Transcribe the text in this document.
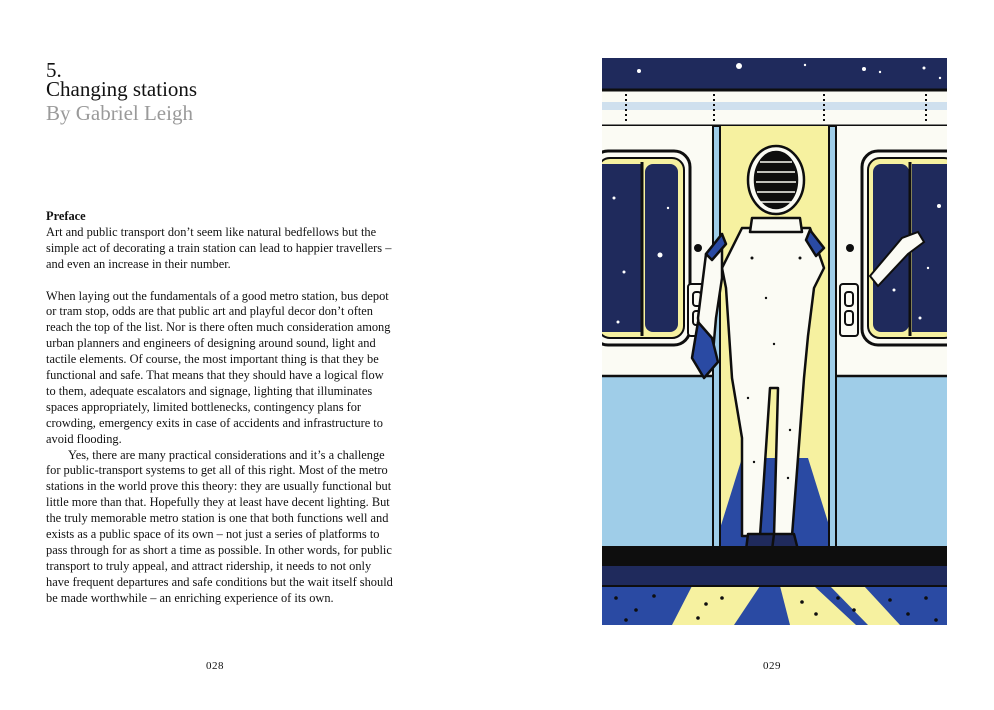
5.
Changing stations
By Gabriel Leigh
Preface

Art and public transport don’t seem like natural bedfellows but the simple act of decorating a train station can lead to happier travellers – and even an increase in their number.

When laying out the fundamentals of a good metro station, bus depot or tram stop, odds are that public art and playful decor don’t often reach the top of the list. Nor is there often much consideration among urban planners and engineers of designing around sound, light and tactile elements. Of course, the most important thing is that they be functional and safe. That means that they should have a logical flow to them, adequate escalators and signage, lighting that illuminates spaces appropriately, limited bottlenecks, contingency plans for crowding, emergency exits in case of accidents and infrastructure to avoid flooding.

Yes, there are many practical considerations and it’s a challenge for public-transport systems to get all of this right. Most of the metro stations in the world prove this theory: they are usually functional but little more than that. Hopefully they at least have decent lighting. But the truly memorable metro station is one that both functions well and exists as a public space of its own – not just a series of platforms to pass through for as short a time as possible. In other words, for public transport to truly appeal, and attract ridership, it needs to not only have frequent departures and safe conditions but the wait itself should be made worthwhile – an enriching experience of its own.

028	029
